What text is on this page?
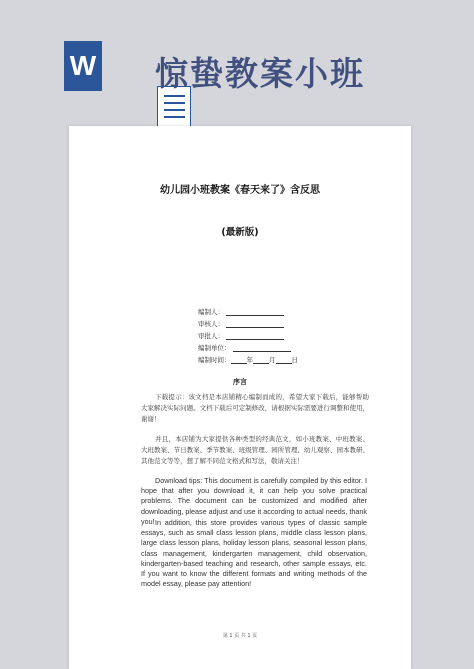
W 惊蛰教案小班
幼儿园小班教案《春天来了》含反思
(最新版)
编制人：
审核人：
审批人：
编制单位：
编制时间： 年 月 日
序言

下载提示：该文档是本店铺精心编制而成的，希望大家下载后，能够帮助大家解决实际问题。文档下载后可定制修改，请根据实际需要进行调整和使用，谢谢！

并且，本店铺为大家提供各种类型的经典范文，如小班教案、中班教案、大班教案、节日教案、季节教案、班级管理、园所管理、幼儿观察、园本教研、其他范文等等，想了解不同范文格式和写法，敬请关注！

Download tips: This document is carefully compiled by this editor. I hope that after you download it, it can help you solve practical problems. The document can be customized and modified after downloading, please adjust and use it according to actual needs, thank you! In addition, this store provides various types of classic sample essays, such as small class lesson plans, middle class lesson plans, large class lesson plans, holiday lesson plans, seasonal lesson plans, class management, kindergarten management, child observation, kindergarten-based teaching and research, other sample essays, etc. If you want to know the different formats and writing methods of the model essay, please pay attention!

第 1 页 共 1 页
